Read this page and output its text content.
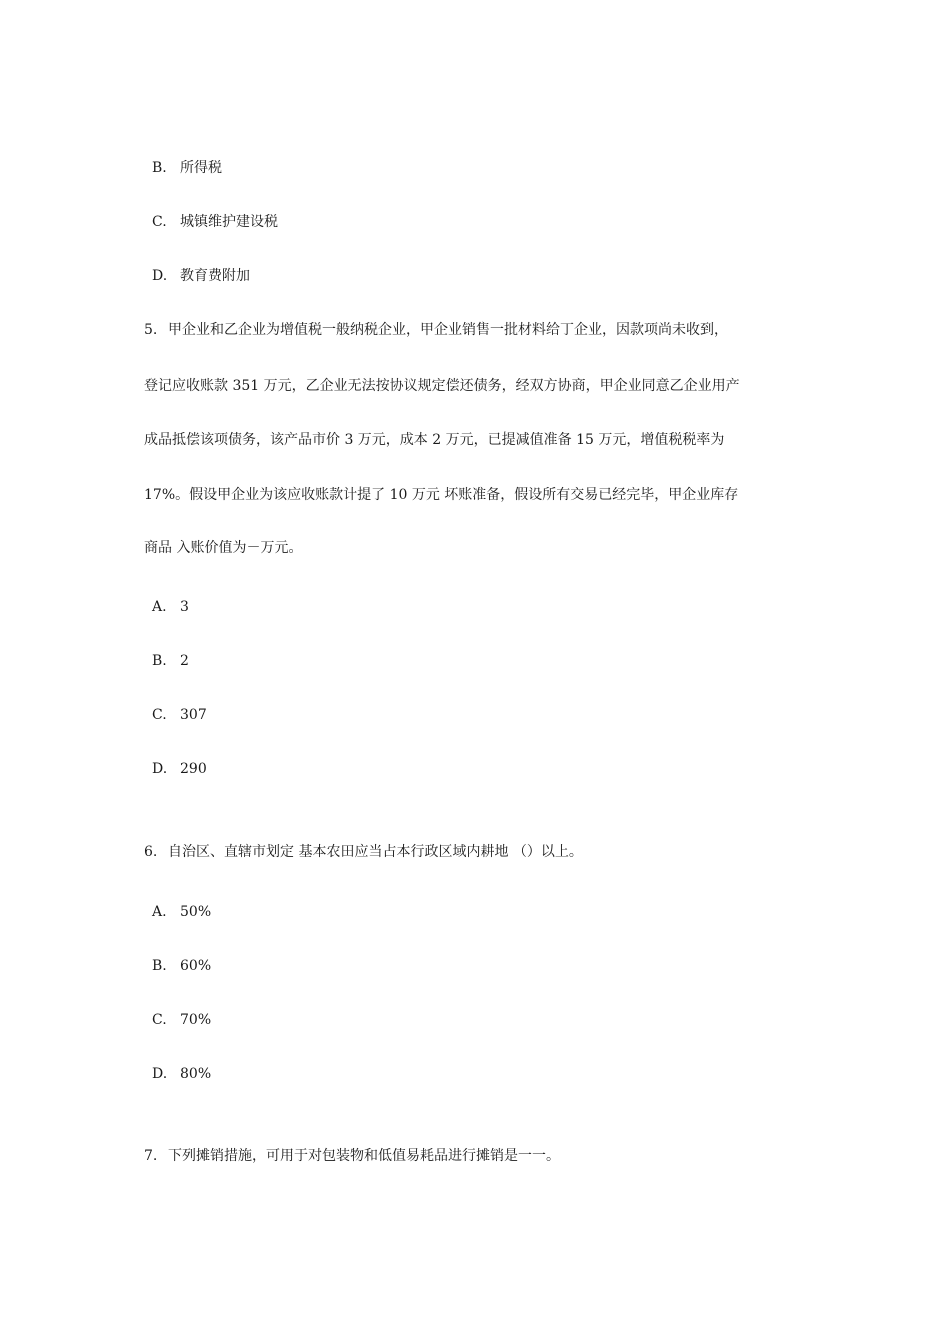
B. 所得税
C. 城镇维护建设税
D. 教育费附加
5. 甲企业和乙企业为增值税一般纳税企业，甲企业销售一批材料给丁企业，因款项尚未收到，
登记应收账款 351 万元，乙企业无法按协议规定偿还债务，经双方协商，甲企业同意乙企业用产
成品抵偿该项债务，该产品市价 3 万元，成本 2 万元，已提减值准备 15 万元，增值税税率为
17%。假设甲企业为该应收账款计提了 10 万元 坏账准备，假设所有交易已经完毕，甲企业库存
商品 入账价值为－万元。
A. 3
B. 2
C. 307
D. 290
6. 自治区、直辖市划定 基本农田应当占本行政区域内耕地 （）以上。
A. 50%
B. 60%
C. 70%
D. 80%
7. 下列摊销措施，可用于对包装物和低值易耗品进行摊销是一一。
